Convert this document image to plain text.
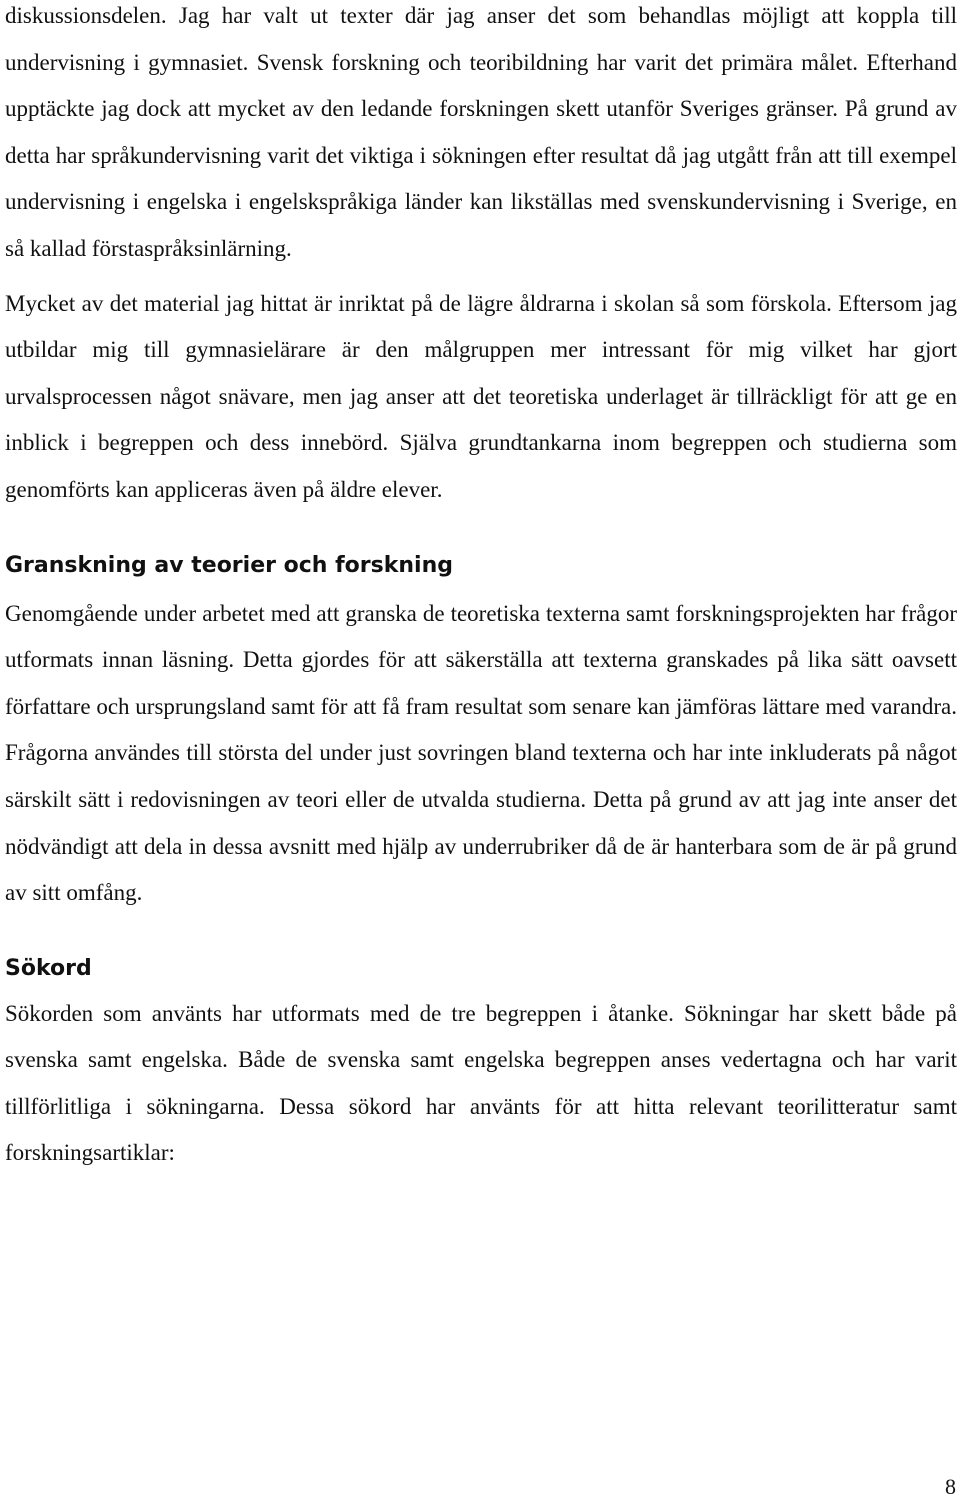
diskussionsdelen. Jag har valt ut texter där jag anser det som behandlas möjligt att koppla till undervisning i gymnasiet. Svensk forskning och teoribildning har varit det primära målet. Efterhand upptäckte jag dock att mycket av den ledande forskningen skett utanför Sveriges gränser. På grund av detta har språkundervisning varit det viktiga i sökningen efter resultat då jag utgått från att till exempel undervisning i engelska i engelskspråkiga länder kan likställas med svenskundervisning i Sverige, en så kallad förstaspråksinlärning.

Mycket av det material jag hittat är inriktat på de lägre åldrarna i skolan så som förskola. Eftersom jag utbildar mig till gymnasielärare är den målgruppen mer intressant för mig vilket har gjort urvalsprocessen något snävare, men jag anser att det teoretiska underlaget är tillräckligt för att ge en inblick i begreppen och dess innebörd. Själva grundtankarna inom begreppen och studierna som genomförts kan appliceras även på äldre elever.

Granskning av teorier och forskning

Genomgående under arbetet med att granska de teoretiska texterna samt forskningsprojekten har frågor utformats innan läsning. Detta gjordes för att säkerställa att texterna granskades på lika sätt oavsett författare och ursprungsland samt för att få fram resultat som senare kan jämföras lättare med varandra. Frågorna användes till största del under just sovringen bland texterna och har inte inkluderats på något särskilt sätt i redovisningen av teori eller de utvalda studierna. Detta på grund av att jag inte anser det nödvändigt att dela in dessa avsnitt med hjälp av underrubriker då de är hanterbara som de är på grund av sitt omfång.

Sökord

Sökorden som använts har utformats med de tre begreppen i åtanke. Sökningar har skett både på svenska samt engelska. Både de svenska samt engelska begreppen anses vedertagna och har varit tillförlitliga i sökningarna. Dessa sökord har använts för att hitta relevant teorilitteratur samt forskningsartiklar:

8
